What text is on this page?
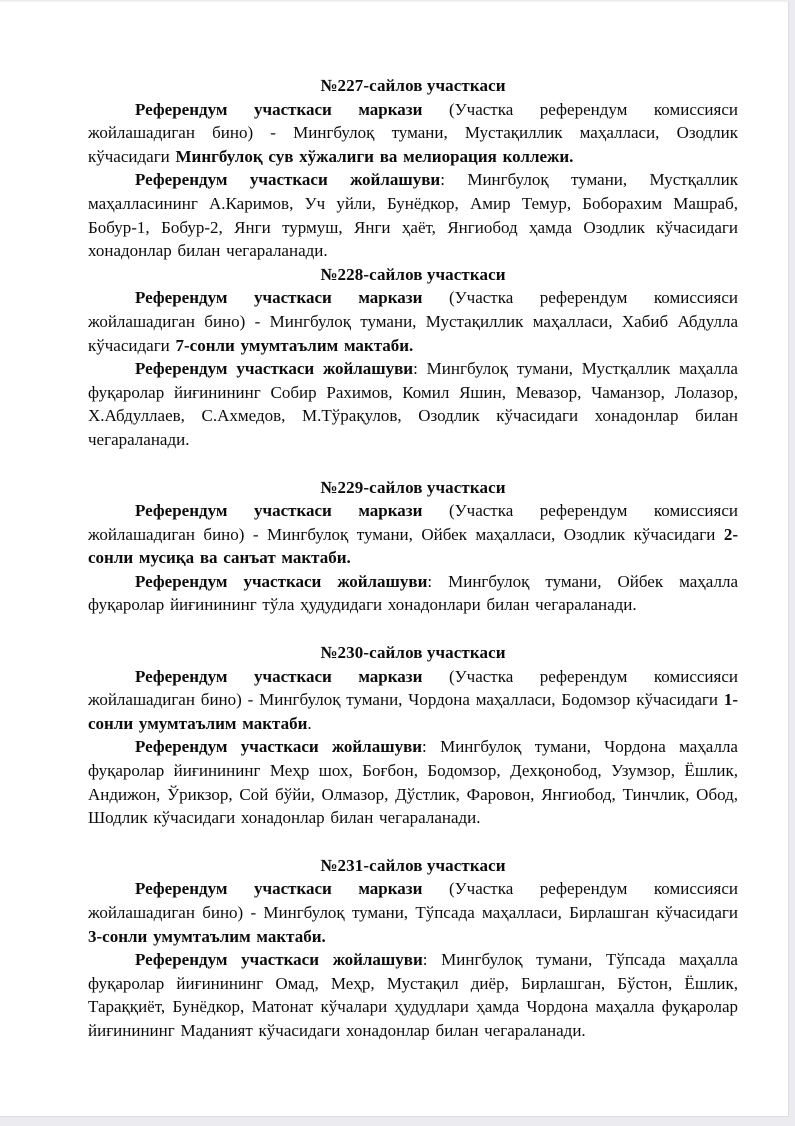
№227-сайлов участкаси

Референдум участкаси маркази (Участка референдум комиссияси жойлашадиган бино) - Мингбулоқ тумани, Мустақиллик маҳалласи, Озодлик кўчасидаги Мингбулоқ сув хўжалиги ва мелиорация коллежи.

Референдум участкаси жойлашуви: Мингбулоқ тумани, Мустқаллик маҳалласининг А.Каримов, Уч уйли, Бунёдкор, Амир Темур, Боборахим Машраб, Бобур-1, Бобур-2, Янги турмуш, Янги ҳаёт, Янгиобод ҳамда Озодлик кўчасидаги хонадонлар билан чегараланади.

№228-сайлов участкаси

Референдум участкаси маркази (Участка референдум комиссияси жойлашадиган бино) - Мингбулоқ тумани, Мустақиллик маҳалласи, Хабиб Абдулла кўчасидаги 7-сонли умумтаълим мактаби.

Референдум участкаси жойлашуви: Мингбулоқ тумани, Мустқаллик маҳалла фуқаролар йиғинининг Собир Рахимов, Комил Яшин, Мевазор, Чаманзор, Лолазор, Х.Абдуллаев, С.Ахмедов, М.Тўрақулов, Озодлик кўчасидаги хонадонлар билан чегараланади.

№229-сайлов участкаси

Референдум участкаси маркази (Участка референдум комиссияси жойлашадиган бино) - Мингбулоқ тумани, Ойбек маҳалласи, Озодлик кўчасидаги 2-сонли мусиқа ва санъат мактаби.

Референдум участкаси жойлашуви: Мингбулоқ тумани, Ойбек маҳалла фуқаролар йиғинининг тўла ҳудудидаги хонадонлари билан чегараланади.

№230-сайлов участкаси

Референдум участкаси маркази (Участка референдум комиссияси жойлашадиган бино) - Мингбулоқ тумани, Чордона маҳалласи, Бодомзор кўчасидаги 1-сонли умумтаълим мактаби.

Референдум участкаси жойлашуви: Мингбулоқ тумани, Чордона маҳалла фуқаролар йиғинининг Меҳр шох, Боғбон, Бодомзор, Дехқонобод, Узумзор, Ёшлик, Андижон, Ўрикзор, Сой бўйи, Олмазор, Дўстлик, Фаровон, Янгиобод, Тинчлик, Обод, Шодлик кўчасидаги хонадонлар билан чегараланади.

№231-сайлов участкаси

Референдум участкаси маркази (Участка референдум комиссияси жойлашадиган бино) - Мингбулоқ тумани, Тўпсада маҳалласи, Бирлашган кўчасидаги 3-сонли умумтаълим мактаби.

Референдум участкаси жойлашуви: Мингбулоқ тумани, Тўпсада маҳалла фуқаролар йиғинининг Омад, Меҳр, Мустақил диёр, Бирлашган, Бўстон, Ёшлик, Тараққиёт, Бунёдкор, Матонат кўчалари ҳудудлари ҳамда Чордона маҳалла фуқаролар йиғинининг Маданият кўчасидаги хонадонлар билан чегараланади.
